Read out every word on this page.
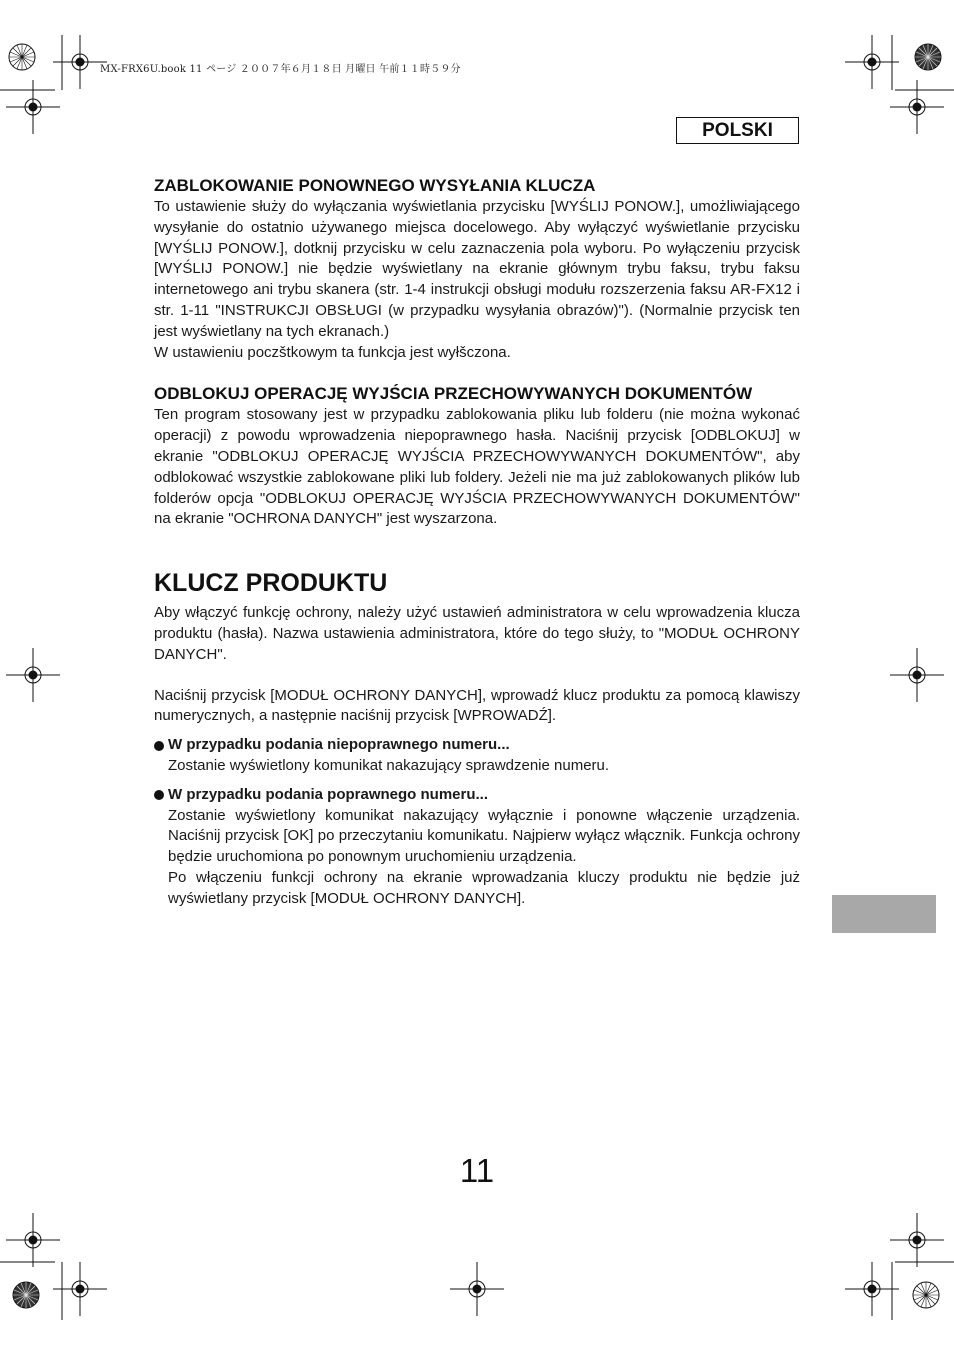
MX-FRX6U.book 11 ページ ２００７年６月１８日 月曜日 午前１１時５９分
POLSKI
ZABLOKOWANIE PONOWNEGO WYSYŁANIA KLUCZA

To ustawienie służy do wyłączania wyświetlania przycisku [WYŚLIJ PONOW.], umożliwiającego wysyłanie do ostatnio używanego miejsca docelowego. Aby wyłączyć wyświetlanie przycisku [WYŚLIJ PONOW.], dotknij przycisku w celu zaznaczenia pola wyboru. Po wyłączeniu przycisk [WYŚLIJ PONOW.] nie będzie wyświetlany na ekranie głównym trybu faksu, trybu faksu internetowego ani trybu skanera (str. 1-4 instrukcji obsługi modułu rozszerzenia faksu AR-FX12 i str. 1-11 "INSTRUKCJI OBSŁUGI (w przypadku wysyłania obrazów)"). (Normalnie przycisk ten jest wyświetlany na tych ekranach.)

W ustawieniu poczštkowym ta funkcja jest wyłšczona.

ODBLOKUJ OPERACJĘ WYJŚCIA PRZECHOWYWANYCH DOKUMENTÓW

Ten program stosowany jest w przypadku zablokowania pliku lub folderu (nie można wykonać operacji) z powodu wprowadzenia niepoprawnego hasła. Naciśnij przycisk [ODBLOKUJ] w ekranie "ODBLOKUJ OPERACJĘ WYJŚCIA PRZECHOWYWANYCH DOKUMENTÓW", aby odblokować wszystkie zablokowane pliki lub foldery. Jeżeli nie ma już zablokowanych plików lub folderów opcja "ODBLOKUJ OPERACJĘ WYJŚCIA PRZECHOWYWANYCH DOKUMENTÓW" na ekranie "OCHRONA DANYCH" jest wyszarzona.

KLUCZ PRODUKTU

Aby włączyć funkcję ochrony, należy użyć ustawień administratora w celu wprowadzenia klucza produktu (hasła). Nazwa ustawienia administratora, które do tego służy, to "MODUŁ OCHRONY DANYCH".

Naciśnij przycisk [MODUŁ OCHRONY DANYCH], wprowadź klucz produktu za pomocą klawiszy numerycznych, a następnie naciśnij przycisk [WPROWADŹ].

W przypadku podania niepoprawnego numeru...

Zostanie wyświetlony komunikat nakazujący sprawdzenie numeru.

W przypadku podania poprawnego numeru...

Zostanie wyświetlony komunikat nakazujący wyłącznie i ponowne włączenie urządzenia. Naciśnij przycisk [OK] po przeczytaniu komunikatu. Najpierw wyłącz włącznik. Funkcja ochrony będzie uruchomiona po ponownym uruchomieniu urządzenia.

Po włączeniu funkcji ochrony na ekranie wprowadzania kluczy produktu nie będzie już wyświetlany przycisk [MODUŁ OCHRONY DANYCH].

11
